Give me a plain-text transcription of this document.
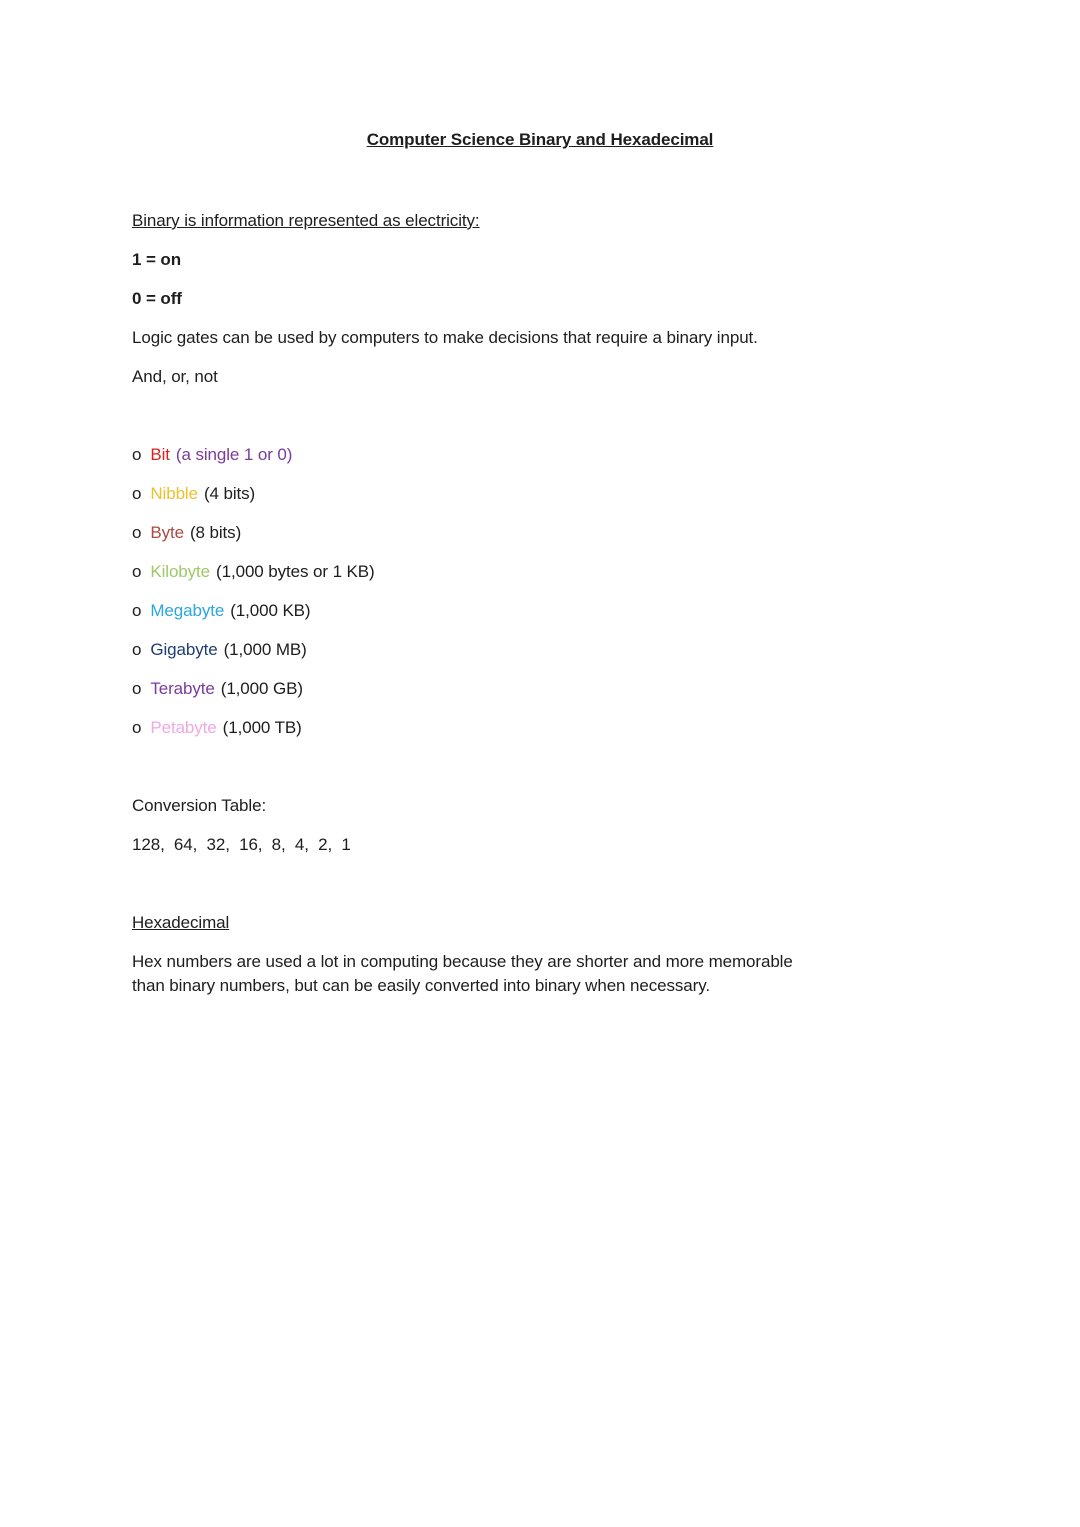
Computer Science Binary and Hexadecimal

Binary is information represented as electricity:

1 = on

0 = off

Logic gates can be used by computers to make decisions that require a binary input.

And, or, not

o Bit (a single 1 or 0)
o Nibble (4 bits)
o Byte (8 bits)
o Kilobyte (1,000 bytes or 1 KB)
o Megabyte (1,000 KB)
o Gigabyte (1,000 MB)
o Terabyte (1,000 GB)
o Petabyte (1,000 TB)

Conversion Table:

128,  64,  32,  16,  8,  4,  2,  1

Hexadecimal

Hex numbers are used a lot in computing because they are shorter and more memorable
than binary numbers, but can be easily converted into binary when necessary.
